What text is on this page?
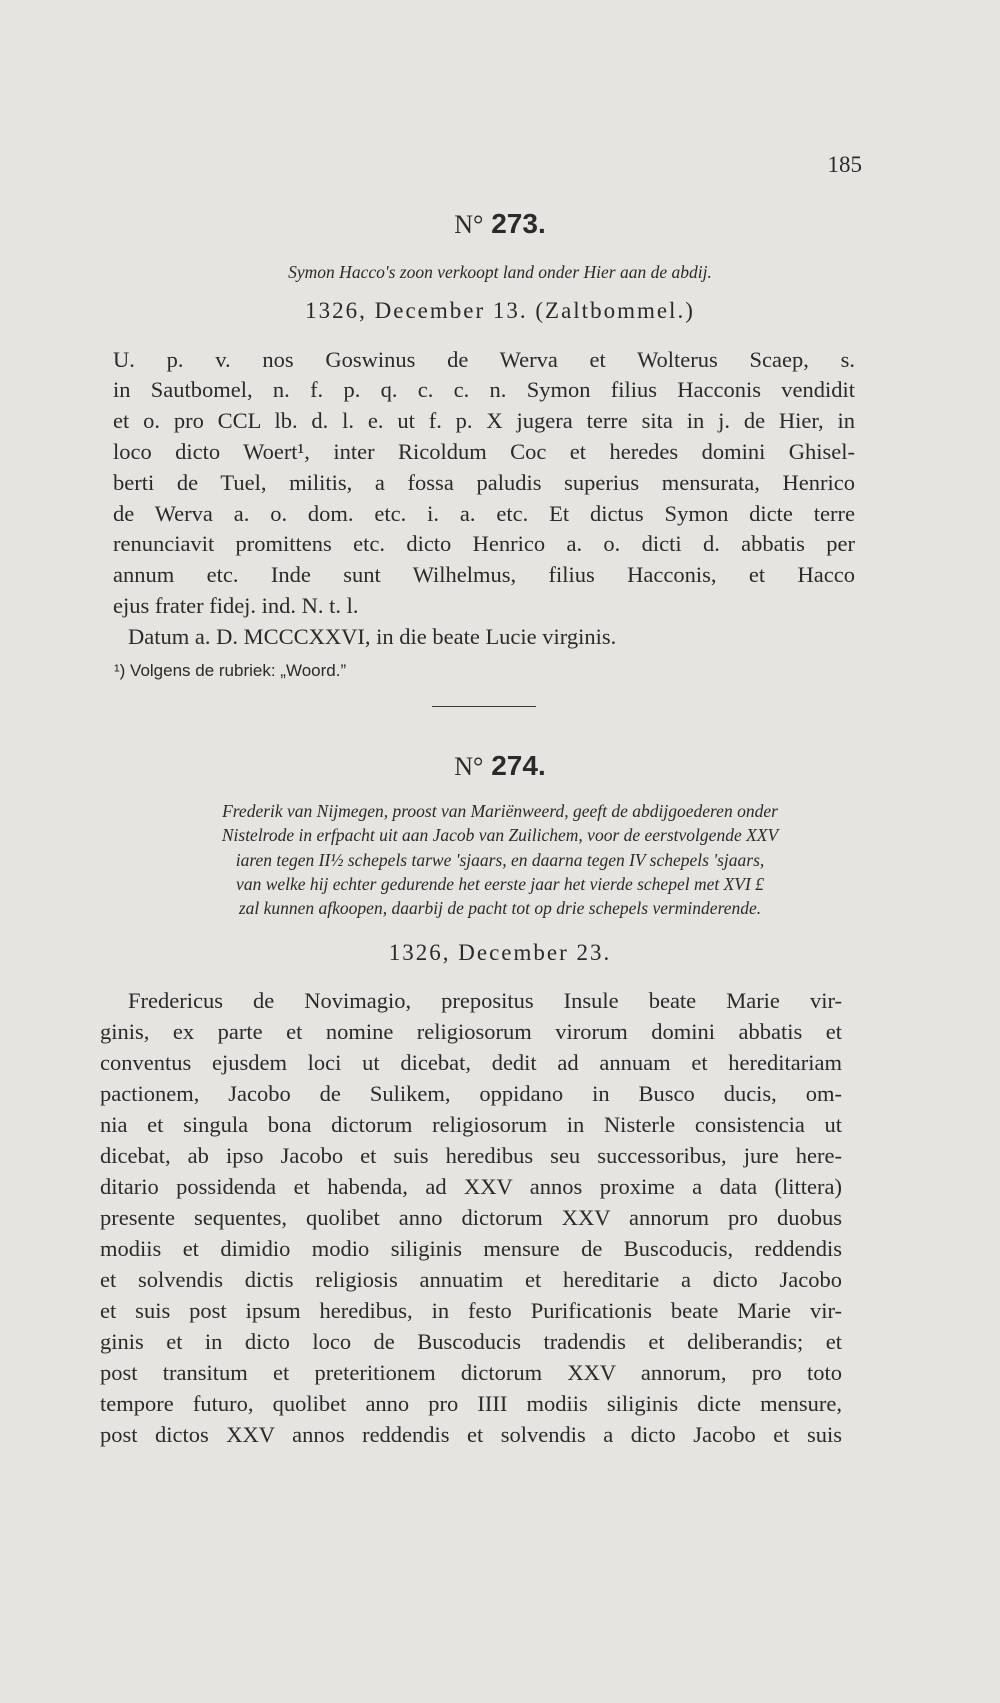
185
N° 273.
Symon Hacco's zoon verkoopt land onder Hier aan de abdij.
1326, December 13. (Zaltbommel.)
U. p. v. nos Goswinus de Werva et Wolterus Scaep, s.
in Sautbomel, n. f. p. q. c. c. n. Symon filius Hacconis vendidit
et o. pro CCL lb. d. l. e. ut f. p. X jugera terre sita in j. de Hier, in
loco dicto Woert¹, inter Ricoldum Coc et heredes domini Ghisel-
berti de Tuel, militis, a fossa paludis superius mensurata, Henrico
de Werva a. o. dom. etc. i. a. etc. Et dictus Symon dicte terre
renunciavit promittens etc. dicto Henrico a. o. dicti d. abbatis per
annum etc. Inde sunt Wilhelmus, filius Hacconis, et Hacco
ejus frater fidej. ind. N. t. l.
Datum a. D. MCCCXXVI, in die beate Lucie virginis.
¹) Volgens de rubriek: „Woord.”
N° 274.
Frederik van Nijmegen, proost van Mariënweerd, geeft de abdijgoederen onder
Nistelrode in erfpacht uit aan Jacob van Zuilichem, voor de eerstvolgende XXV
iaren tegen II½ schepels tarwe 'sjaars, en daarna tegen IV schepels 'sjaars,
van welke hij echter gedurende het eerste jaar het vierde schepel met XVI £
zal kunnen afkoopen, daarbij de pacht tot op drie schepels verminderende.
1326, December 23.
Fredericus de Novimagio, prepositus Insule beate Marie vir-
ginis, ex parte et nomine religiosorum virorum domini abbatis et
conventus ejusdem loci ut dicebat, dedit ad annuam et hereditariam
pactionem, Jacobo de Sulikem, oppidano in Busco ducis, om-
nia et singula bona dictorum religiosorum in Nisterle consistencia ut
dicebat, ab ipso Jacobo et suis heredibus seu successoribus, jure here-
ditario possidenda et habenda, ad XXV annos proxime a data (littera)
presente sequentes, quolibet anno dictorum XXV annorum pro duobus
modiis et dimidio modio siliginis mensure de Buscoducis, reddendis
et solvendis dictis religiosis annuatim et hereditarie a dicto Jacobo
et suis post ipsum heredibus, in festo Purificationis beate Marie vir-
ginis et in dicto loco de Buscoducis tradendis et deliberandis; et
post transitum et preteritionem dictorum XXV annorum, pro toto
tempore futuro, quolibet anno pro IIII modiis siliginis dicte mensure,
post dictos XXV annos reddendis et solvendis a dicto Jacobo et suis
